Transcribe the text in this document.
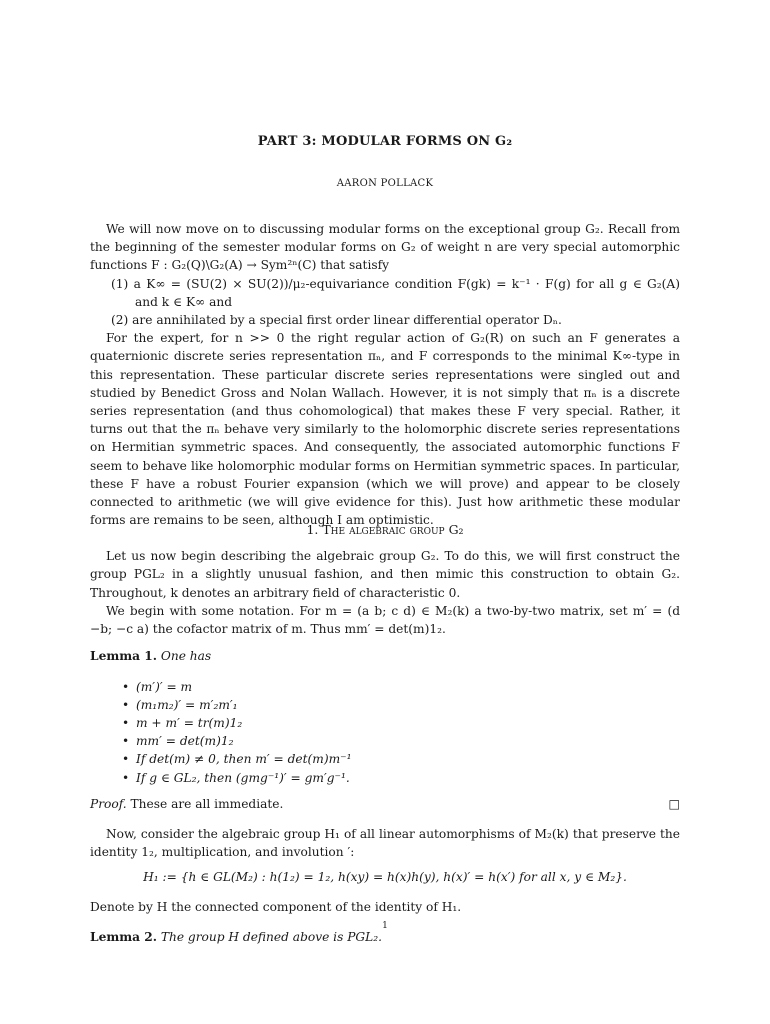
PART 3: MODULAR FORMS ON G₂
AARON POLLACK

We will now move on to discussing modular forms on the exceptional group G₂. Recall from the beginning of the semester modular forms on G₂ of weight n are very special automorphic functions F : G₂(Q)\G₂(A) → Sym²ⁿ(C) that satisfy

(1) a K∞ = (SU(2) × SU(2))/μ₂-equivariance condition F(gk) = k⁻¹ · F(g) for all g ∈ G₂(A) and k ∈ K∞ and

(2) are annihilated by a special first order linear differential operator Dₙ.

For the expert, for n >> 0 the right regular action of G₂(R) on such an F generates a quaternionic discrete series representation πₙ, and F corresponds to the minimal K∞-type in this representation. These particular discrete series representations were singled out and studied by Benedict Gross and Nolan Wallach. However, it is not simply that πₙ is a discrete series representation (and thus cohomological) that makes these F very special. Rather, it turns out that the πₙ behave very similarly to the holomorphic discrete series representations on Hermitian symmetric spaces. And consequently, the associated automorphic functions F seem to behave like holomorphic modular forms on Hermitian symmetric spaces. In particular, these F have a robust Fourier expansion (which we will prove) and appear to be closely connected to arithmetic (we will give evidence for this). Just how arithmetic these modular forms are remains to be seen, although I am optimistic.

1. The algebraic group G₂

Let us now begin describing the algebraic group G₂. To do this, we will first construct the group PGL₂ in a slightly unusual fashion, and then mimic this construction to obtain G₂. Throughout, k denotes an arbitrary field of characteristic 0.

We begin with some notation. For m = (a b; c d) ∈ M₂(k) a two-by-two matrix, set m′ = (d −b; −c a) the cofactor matrix of m. Thus mm′ = det(m)1₂.

Lemma 1. One has

• (m′)′ = m
• (m₁m₂)′ = m′₂m′₁
• m + m′ = tr(m)1₂
• mm′ = det(m)1₂
• If det(m) ≠ 0, then m′ = det(m)m⁻¹
• If g ∈ GL₂, then (gmg⁻¹)′ = gm′g⁻¹.

Proof. These are all immediate.	□

Now, consider the algebraic group H₁ of all linear automorphisms of M₂(k) that preserve the identity 1₂, multiplication, and involution ′:

H₁ := {h ∈ GL(M₂) : h(1₂) = 1₂, h(xy) = h(x)h(y), h(x)′ = h(x′) for all x, y ∈ M₂}.

Denote by H the connected component of the identity of H₁.

Lemma 2. The group H defined above is PGL₂.

1
